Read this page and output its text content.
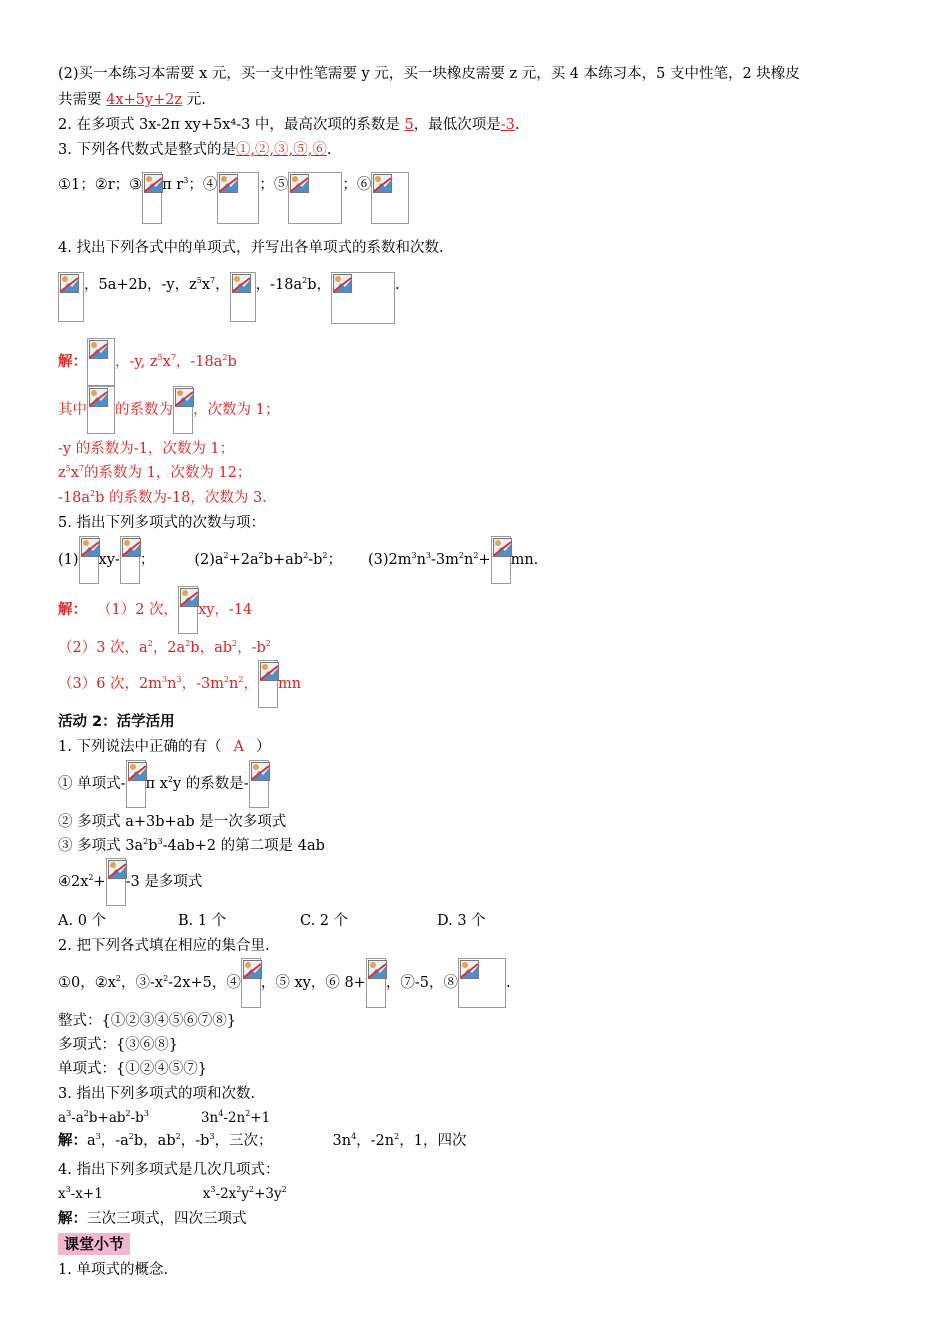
(2)买一本练习本需要 x 元，买一支中性笔需要 y 元，买一块橡皮需要 z 元，买 4 本练习本，5 支中性笔，2 块橡皮
共需要 4x+5y+2z 元.
2. 在多项式 3x-2π xy+5x⁴-3 中，最高次项的系数是 5，最低次项是-3.
3. 下列各代数式是整式的是①,②,③,⑤,⑥.
①1；②r；③ π $r^3$；④	；⑤	；⑥
4. 找出下列各式中的单项式，并写出各单项式的系数和次数.
，5a+2b，-y，$z^5x^7$， ，$-18a^2b$，	.
解： ，-y, $z^5x^7$，$-18a^2b$
其中 的系数为 ，次数为 1；
-y 的系数为-1，次数为 1；
$z^5x^7$的系数为 1，次数为 12；
$-18a^2b$ 的系数为-18，次数为 3.
5. 指出下列多项式的次数与项：
(1) xy- ；	$(2)a^2+2a^2b+ab^2-b^2$； $(3)2m^3n^3-3m^2n^2+$ mn.
解： （1）2 次， xy，-14
（2）3 次，$a^2$，$2a^2b$，$ab^2$，$-b^2$
（3）6 次，$2m^3n^3$，$-3m^2n^2$， mn
活动 2：活学活用
1. 下列说法中正确的有（ A ）
① 单项式- π $x^2y$ 的系数是-
② 多项式 a+3b+ab 是一次多项式
③ 多项式 $3a^2b^3-4ab+2$ 的第二项是 4ab
$④2x^2+ -3$ 是多项式
A. 0 个	B. 1 个	C. 2 个	D. 3 个
2. 把下列各式填在相应的集合里.
①0，$②x^2$，$③-x^2-2x+5$，④ ，⑤ xy，⑥ 8+ ，⑦-5，⑧	.
整式：{①②③④⑤⑥⑦⑧}
多项式：{③⑥⑧}
单项式：{①②④⑤⑦}
3. 指出下列多项式的项和次数.
$a^3-a^2b+ab^2-b^3$	$3n^4-2n^2+1$
解：$a^3$，$-a^2b$，$ab^2$，$-b^3$，三次；	$3n^4$，$-2n^2$，1，四次
4. 指出下列多项式是几次几项式：
$x^3-x+1$	$x^3-2x^2y^2+3y^2$
解：三次三项式，四次三项式
课堂小节
1. 单项式的概念.
